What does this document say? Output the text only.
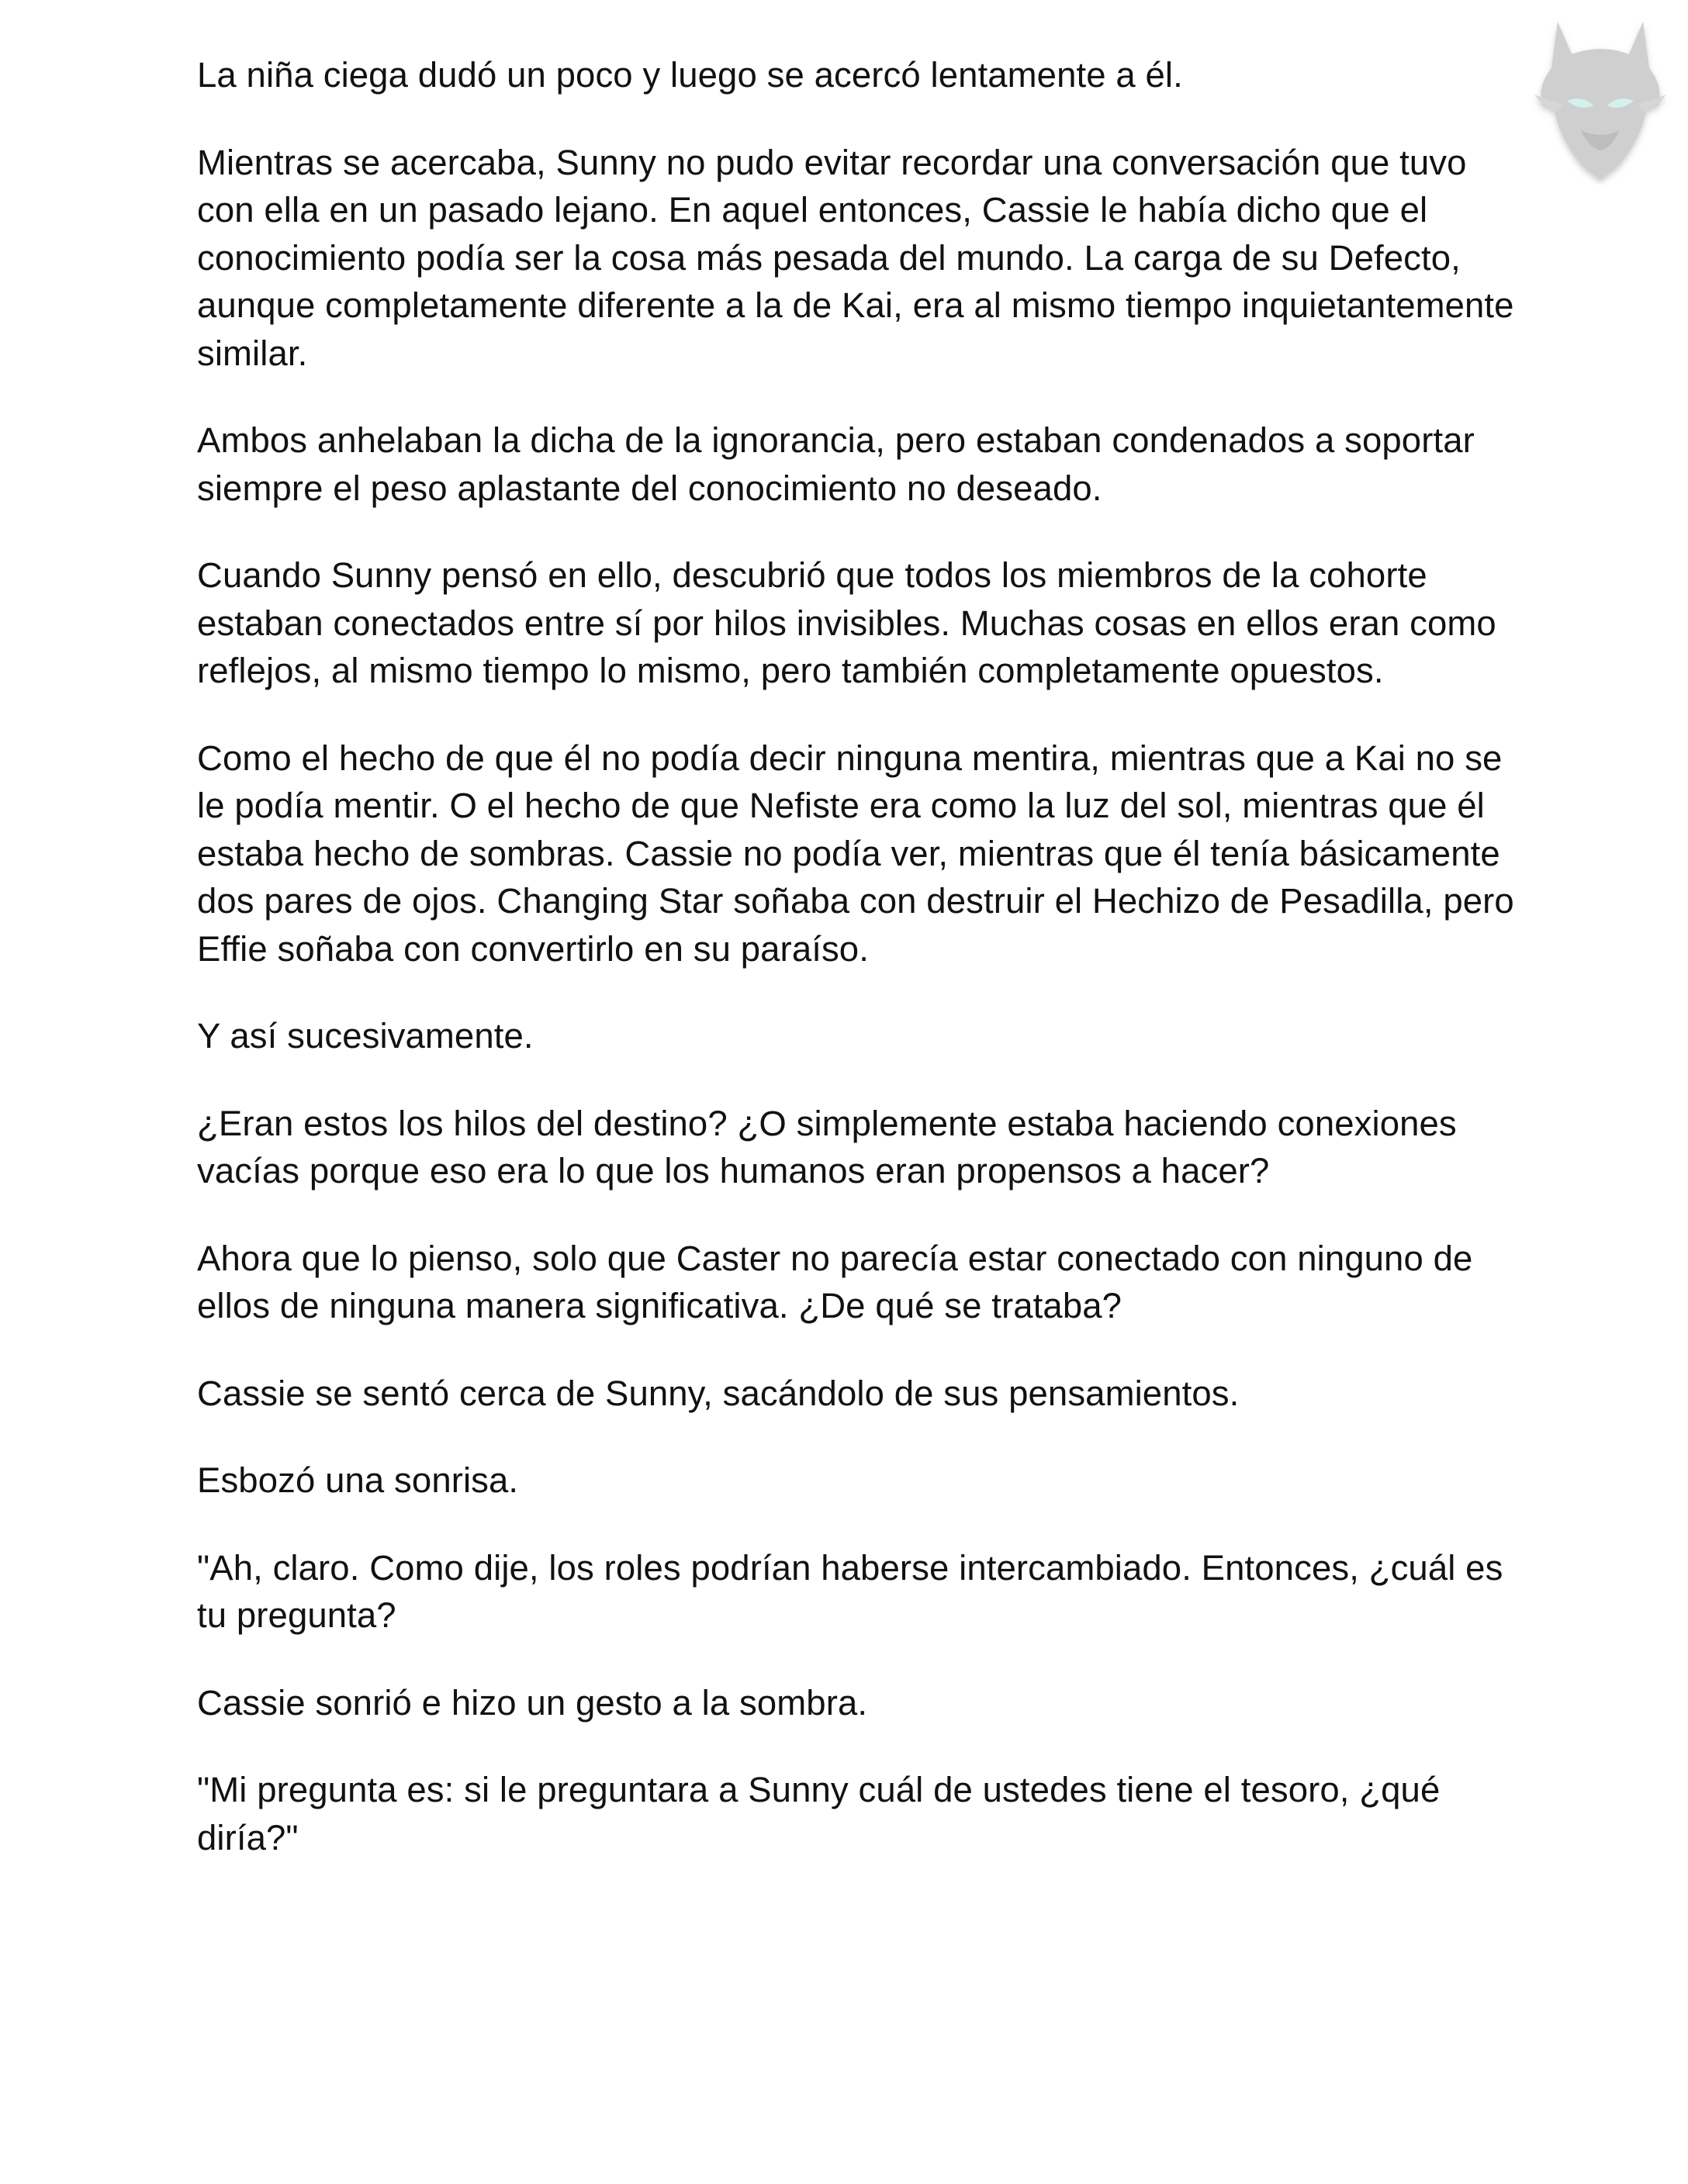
La niña ciega dudó un poco y luego se acercó lentamente a él.

Mientras se acercaba, Sunny no pudo evitar recordar una conversación que tuvo con ella en un pasado lejano. En aquel entonces, Cassie le había dicho que el conocimiento podía ser la cosa más pesada del mundo. La carga de su Defecto, aunque completamente diferente a la de Kai, era al mismo tiempo inquietantemente similar.

Ambos anhelaban la dicha de la ignorancia, pero estaban condenados a soportar siempre el peso aplastante del conocimiento no deseado.

Cuando Sunny pensó en ello, descubrió que todos los miembros de la cohorte estaban conectados entre sí por hilos invisibles. Muchas cosas en ellos eran como reflejos, al mismo tiempo lo mismo, pero también completamente opuestos.

Como el hecho de que él no podía decir ninguna mentira, mientras que a Kai no se le podía mentir. O el hecho de que Nefiste era como la luz del sol, mientras que él estaba hecho de sombras. Cassie no podía ver, mientras que él tenía básicamente dos pares de ojos. Changing Star soñaba con destruir el Hechizo de Pesadilla, pero Effie soñaba con convertirlo en su paraíso.

Y así sucesivamente.

¿Eran estos los hilos del destino? ¿O simplemente estaba haciendo conexiones vacías porque eso era lo que los humanos eran propensos a hacer?

Ahora que lo pienso, solo que Caster no parecía estar conectado con ninguno de ellos de ninguna manera significativa. ¿De qué se trataba?

Cassie se sentó cerca de Sunny, sacándolo de sus pensamientos.

Esbozó una sonrisa.

"Ah, claro. Como dije, los roles podrían haberse intercambiado. Entonces, ¿cuál es tu pregunta?

Cassie sonrió e hizo un gesto a la sombra.

"Mi pregunta es: si le preguntara a Sunny cuál de ustedes tiene el tesoro, ¿qué diría?"
